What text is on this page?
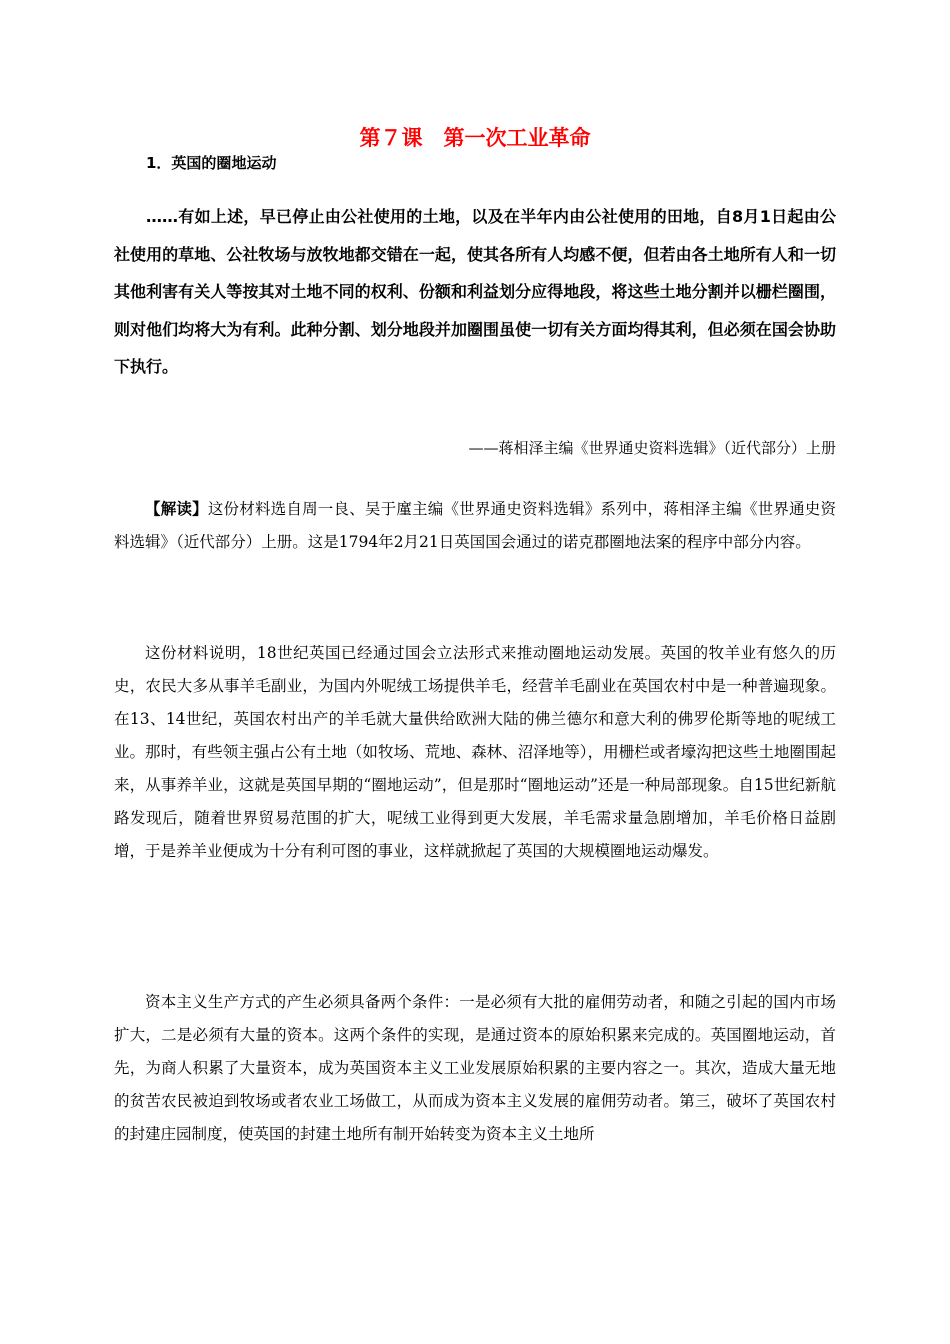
第７课　第一次工业革命
1．英国的圈地运动

……有如上述，早已停止由公社使用的土地，以及在半年内由公社使用的田地，自8月1日起由公社使用的草地、公社牧场与放牧地都交错在一起，使其各所有人均感不便，但若由各土地所有人和一切其他利害有关人等按其对土地不同的权利、份额和利益划分应得地段，将这些土地分割并以栅栏圈围，则对他们均将大为有利。此种分割、划分地段并加圈围虽使一切有关方面均得其利，但必须在国会协助下执行。

——蒋相泽主编《世界通史资料选辑》（近代部分）上册

【解读】这份材料选自周一良、吴于廑主编《世界通史资料选辑》系列中，蒋相泽主编《世界通史资料选辑》（近代部分）上册。这是1794年2月21日英国国会通过的诺克郡圈地法案的程序中部分内容。

这份材料说明，18世纪英国已经通过国会立法形式来推动圈地运动发展。英国的牧羊业有悠久的历史，农民大多从事羊毛副业，为国内外呢绒工场提供羊毛，经营羊毛副业在英国农村中是一种普遍现象。在13、14世纪，英国农村出产的羊毛就大量供给欧洲大陆的佛兰德尔和意大利的佛罗伦斯等地的呢绒工业。那时，有些领主强占公有土地（如牧场、荒地、森林、沼泽地等），用栅栏或者壕沟把这些土地圈围起来，从事养羊业，这就是英国早期的“圈地运动”，但是那时“圈地运动”还是一种局部现象。自15世纪新航路发现后，随着世界贸易范围的扩大，呢绒工业得到更大发展，羊毛需求量急剧增加，羊毛价格日益剧增，于是养羊业便成为十分有利可图的事业，这样就掀起了英国的大规模圈地运动爆发。

资本主义生产方式的产生必须具备两个条件：一是必须有大批的雇佣劳动者，和随之引起的国内市场扩大，二是必须有大量的资本。这两个条件的实现，是通过资本的原始积累来完成的。英国圈地运动，首先，为商人积累了大量资本，成为英国资本主义工业发展原始积累的主要内容之一。其次，造成大量无地的贫苦农民被迫到牧场或者农业工场做工，从而成为资本主义发展的雇佣劳动者。第三，破坏了英国农村的封建庄园制度，使英国的封建土地所有制开始转变为资本主义土地所
